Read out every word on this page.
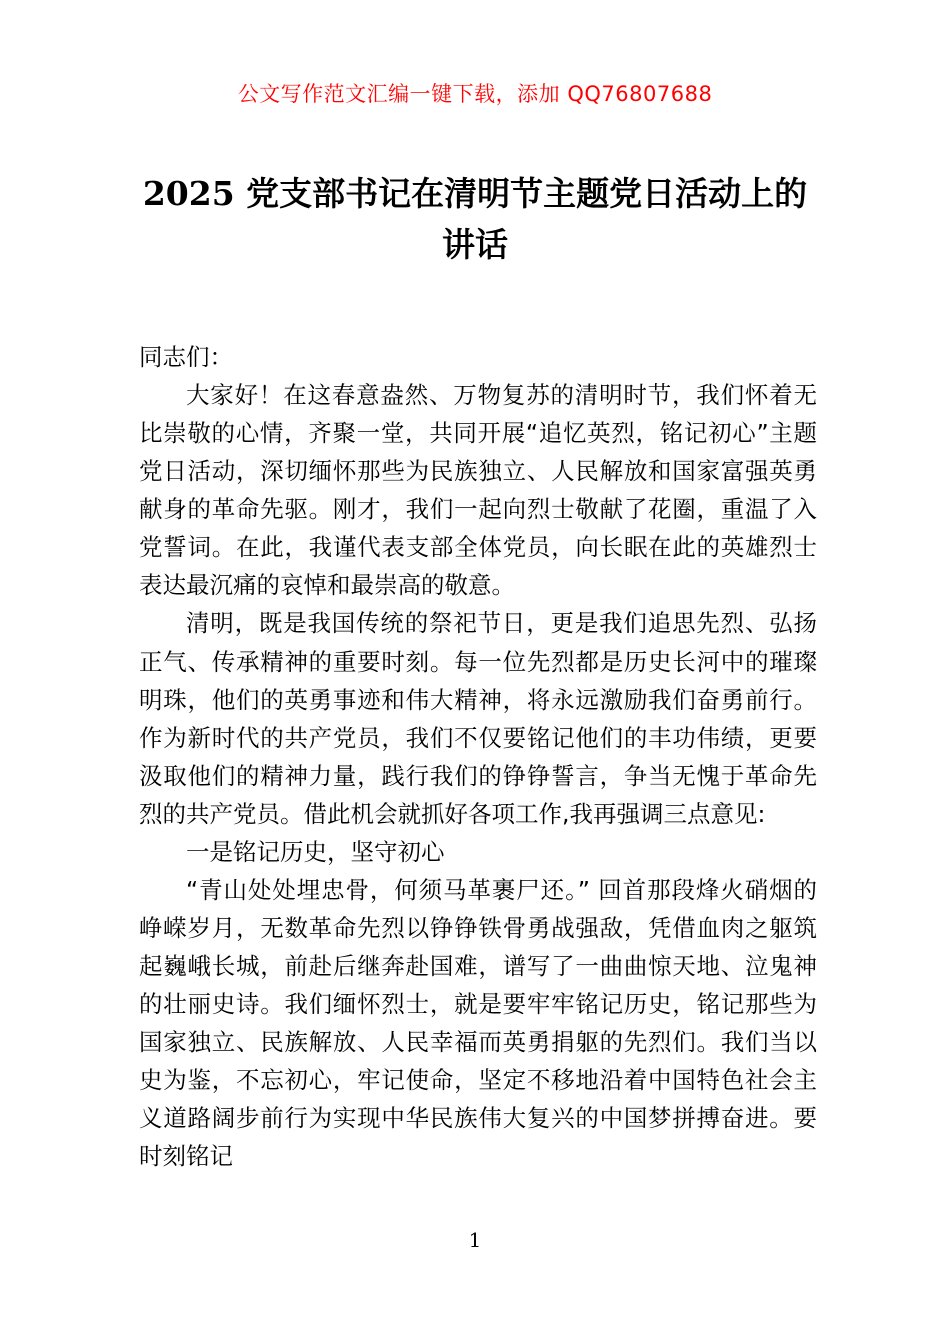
公文写作范文汇编一键下载，添加 QQ76807688
2025 党支部书记在清明节主题党日活动上的讲话

同志们：

大家好！在这春意盎然、万物复苏的清明时节，我们怀着无比崇敬的心情，齐聚一堂，共同开展“追忆英烈，铭记初心”主题党日活动，深切缅怀那些为民族独立、人民解放和国家富强英勇献身的革命先驱。刚才，我们一起向烈士敬献了花圈，重温了入党誓词。在此，我谨代表支部全体党员，向长眠在此的英雄烈士表达最沉痛的哀悼和最崇高的敬意。

清明，既是我国传统的祭祀节日，更是我们追思先烈、弘扬正气、传承精神的重要时刻。每一位先烈都是历史长河中的璀璨明珠，他们的英勇事迹和伟大精神，将永远激励我们奋勇前行。作为新时代的共产党员，我们不仅要铭记他们的丰功伟绩，更要汲取他们的精神力量，践行我们的铮铮誓言，争当无愧于革命先烈的共产党员。借此机会就抓好各项工作,我再强调三点意见:

一是铭记历史，坚守初心

“青山处处埋忠骨，何须马革裹尸还。” 回首那段烽火硝烟的峥嵘岁月，无数革命先烈以铮铮铁骨勇战强敌，凭借血肉之躯筑起巍峨长城，前赴后继奔赴国难，谱写了一曲曲惊天地、泣鬼神的壮丽史诗。我们缅怀烈士，就是要牢牢铭记历史，铭记那些为国家独立、民族解放、人民幸福而英勇捐躯的先烈们。我们当以史为鉴，不忘初心，牢记使命，坚定不移地沿着中国特色社会主义道路阔步前行为实现中华民族伟大复兴的中国梦拼搏奋进。要时刻铭记

1
